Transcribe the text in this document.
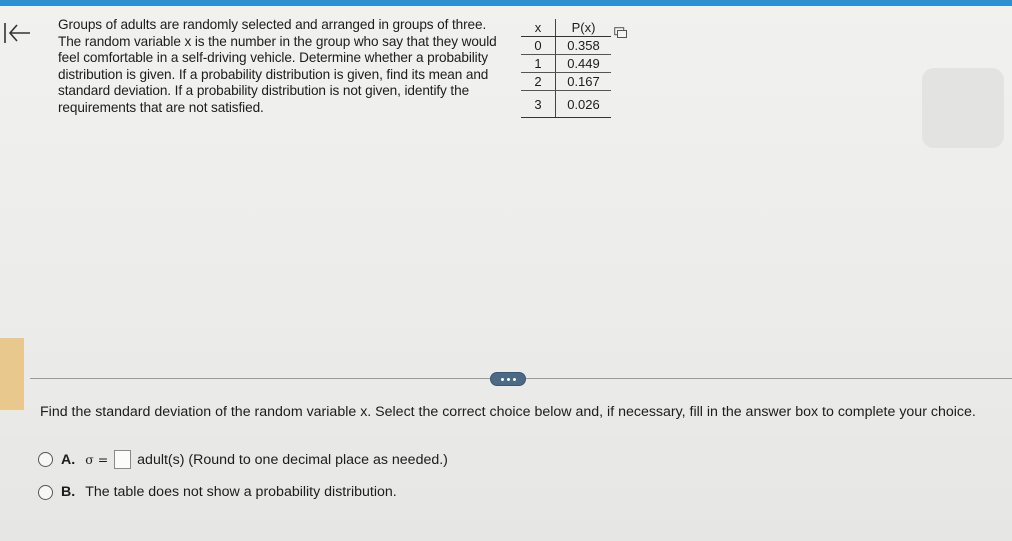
Groups of adults are randomly selected and arranged in groups of three. The random variable x is the number in the group who say that they would feel comfortable in a self-driving vehicle. Determine whether a probability distribution is given. If a probability distribution is given, find its mean and standard deviation. If a probability distribution is not given, identify the requirements that are not satisfied.
x	P(x)
0	0.358
1	0.449
2	0.167
3	0.026
Find the standard deviation of the random variable x. Select the correct choice below and, if necessary, fill in the answer box to complete your choice.
A. σ = adult(s) (Round to one decimal place as needed.)
B. The table does not show a probability distribution.
